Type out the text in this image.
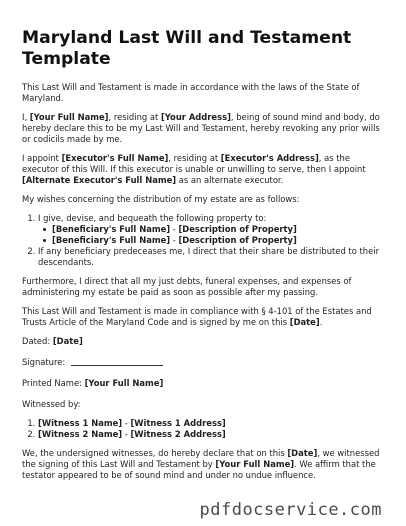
Maryland Last Will and Testament Template

This Last Will and Testament is made in accordance with the laws of the State of Maryland.

I, [Your Full Name], residing at [Your Address], being of sound mind and body, do hereby declare this to be my Last Will and Testament, hereby revoking any prior wills or codicils made by me.

I appoint [Executor's Full Name], residing at [Executor's Address], as the executor of this Will. If this executor is unable or unwilling to serve, then I appoint [Alternate Executor's Full Name] as an alternate executor.

My wishes concerning the distribution of my estate are as follows:

1. I give, devise, and bequeath the following property to:
[Beneficiary's Full Name] - [Description of Property]
[Beneficiary's Full Name] - [Description of Property]
2. If any beneficiary predeceases me, I direct that their share be distributed to their descendants.

Furthermore, I direct that all my just debts, funeral expenses, and expenses of administering my estate be paid as soon as possible after my passing.

This Last Will and Testament is made in compliance with § 4-101 of the Estates and Trusts Article of the Maryland Code and is signed by me on this [Date].

Dated: [Date]

Signature:

Printed Name: [Your Full Name]

Witnessed by:

1. [Witness 1 Name] - [Witness 1 Address]
2. [Witness 2 Name] - [Witness 2 Address]

We, the undersigned witnesses, do hereby declare that on this [Date], we witnessed the signing of this Last Will and Testament by [Your Full Name]. We affirm that the testator appeared to be of sound mind and under no undue influence.

pdfdocservice.com
